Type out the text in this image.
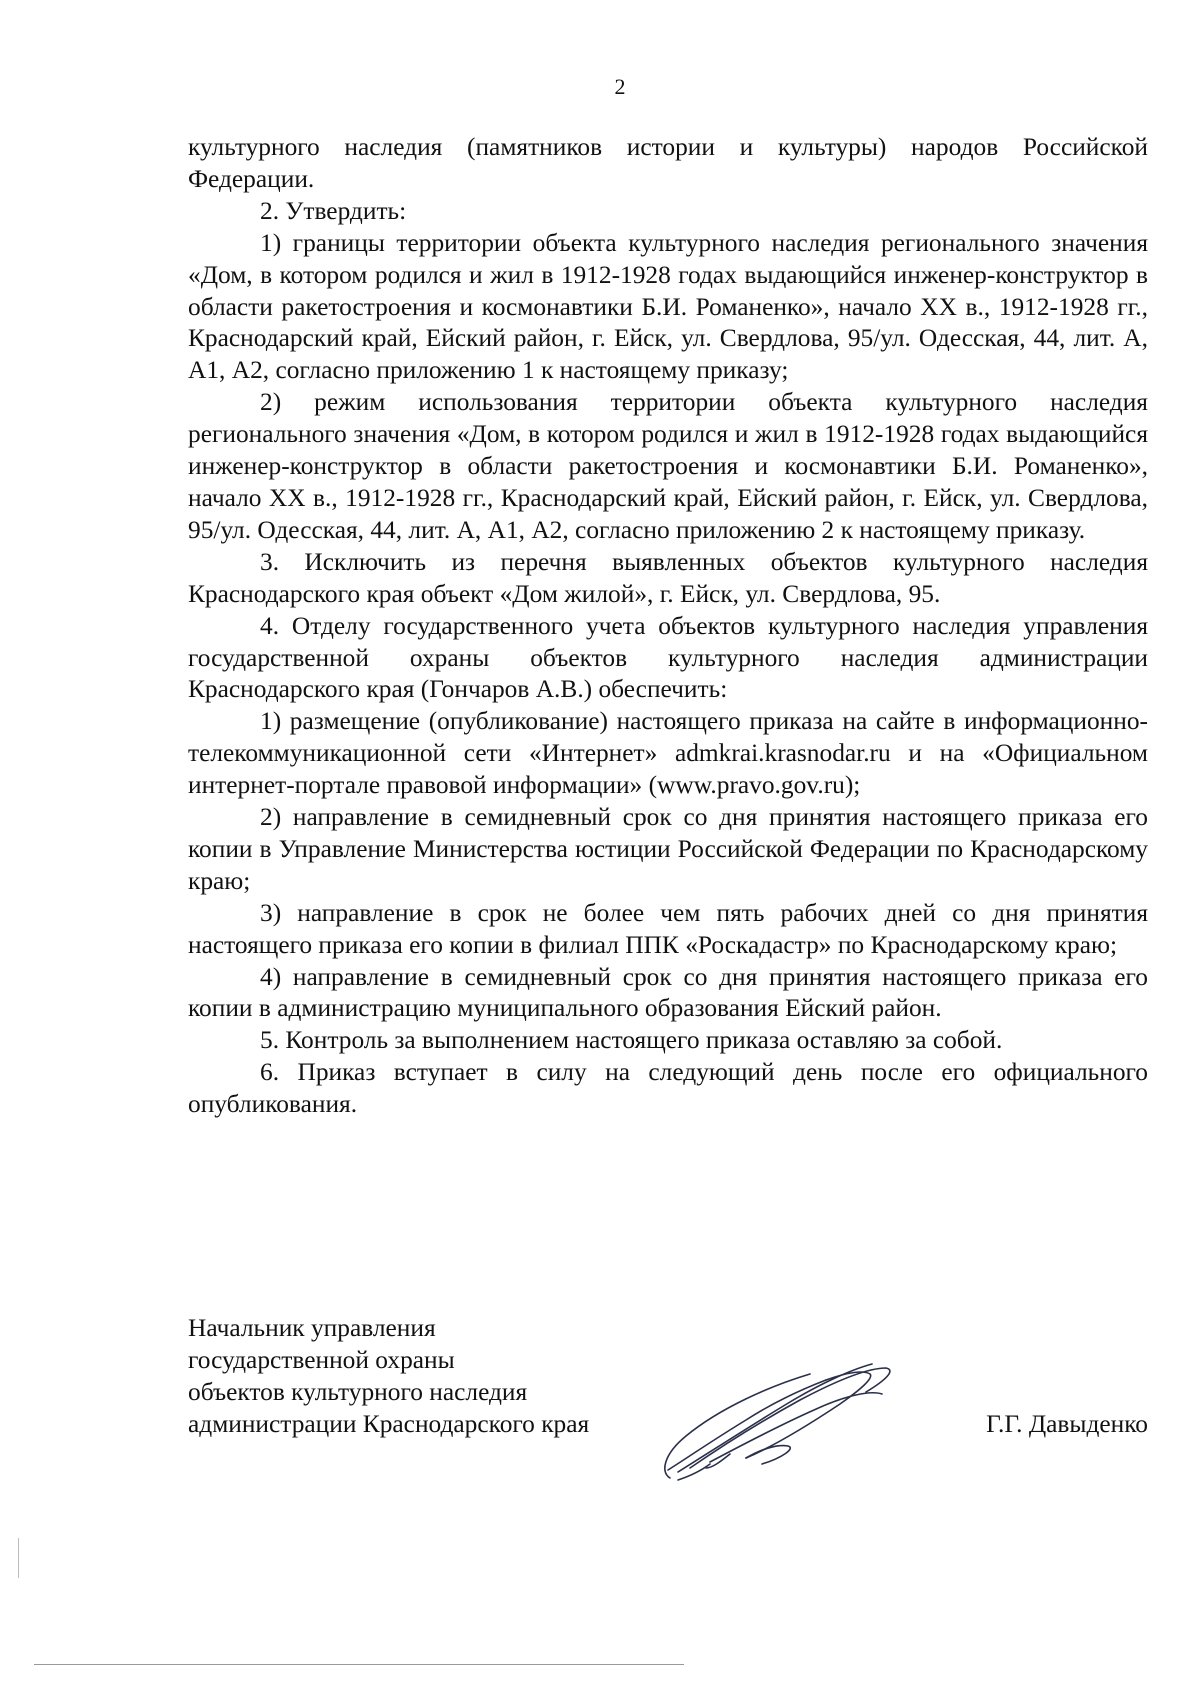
2

культурного наследия (памятников истории и культуры) народов Российской Федерации.

2. Утвердить:

1) границы территории объекта культурного наследия регионального значения «Дом, в котором родился и жил в 1912-1928 годах выдающийся инженер-конструктор в области ракетостроения и космонавтики Б.И. Романенко», начало XX в., 1912-1928 гг., Краснодарский край, Ейский район, г. Ейск, ул. Свердлова, 95/ул. Одесская, 44, лит. А, А1, А2, согласно приложению 1 к настоящему приказу;

2) режим использования территории объекта культурного наследия регионального значения «Дом, в котором родился и жил в 1912-1928 годах выдающийся инженер-конструктор в области ракетостроения и космонавтики Б.И. Романенко», начало XX в., 1912-1928 гг., Краснодарский край, Ейский район, г. Ейск, ул. Свердлова, 95/ул. Одесская, 44, лит. А, А1, А2, согласно приложению 2 к настоящему приказу.

3. Исключить из перечня выявленных объектов культурного наследия Краснодарского края объект «Дом жилой», г. Ейск, ул. Свердлова, 95.

4. Отделу государственного учета объектов культурного наследия управления государственной охраны объектов культурного наследия администрации Краснодарского края (Гончаров А.В.) обеспечить:

1) размещение (опубликование) настоящего приказа на сайте в информационно-телекоммуникационной сети «Интернет» admkrai.krasnodar.ru и на «Официальном интернет-портале правовой информации» (www.pravo.gov.ru);

2) направление в семидневный срок со дня принятия настоящего приказа его копии в Управление Министерства юстиции Российской Федерации по Краснодарскому краю;

3) направление в срок не более чем пять рабочих дней со дня принятия настоящего приказа его копии в филиал ППК «Роскадастр» по Краснодарскому краю;

4) направление в семидневный срок со дня принятия настоящего приказа его копии в администрацию муниципального образования Ейский район.

5. Контроль за выполнением настоящего приказа оставляю за собой.

6. Приказ вступает в силу на следующий день после его официального опубликования.

Начальник управления
государственной охраны
объектов культурного наследия
администрации Краснодарского края	Г.Г. Давыденко
